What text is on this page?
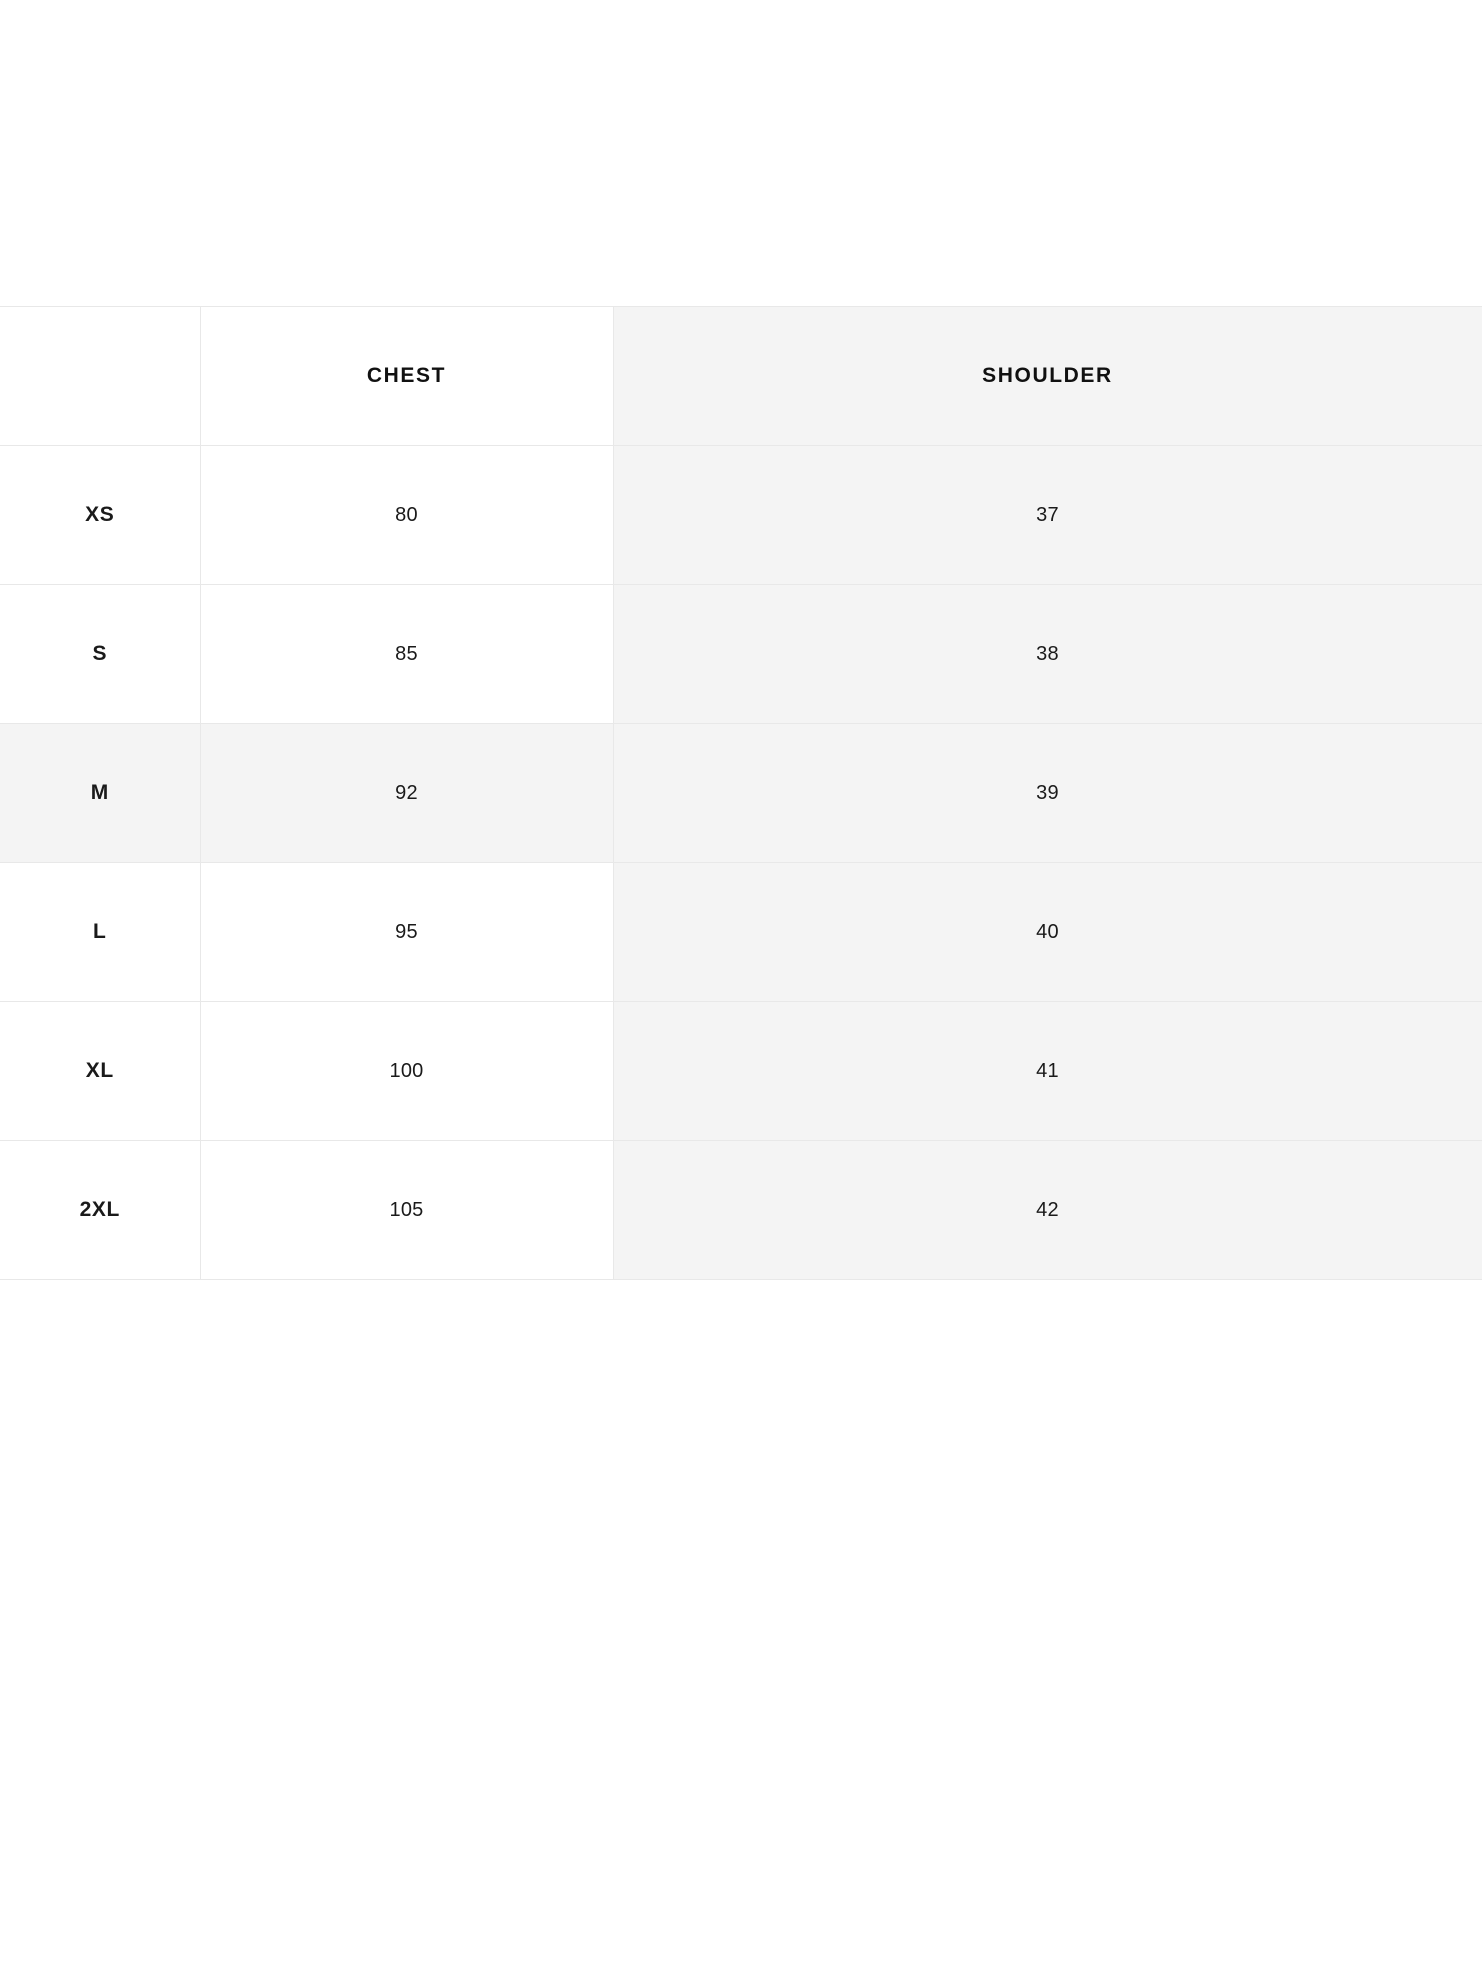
	CHEST	SHOULDER
XS	80	37
S	85	38
M	92	39
L	95	40
XL	100	41
2XL	105	42
